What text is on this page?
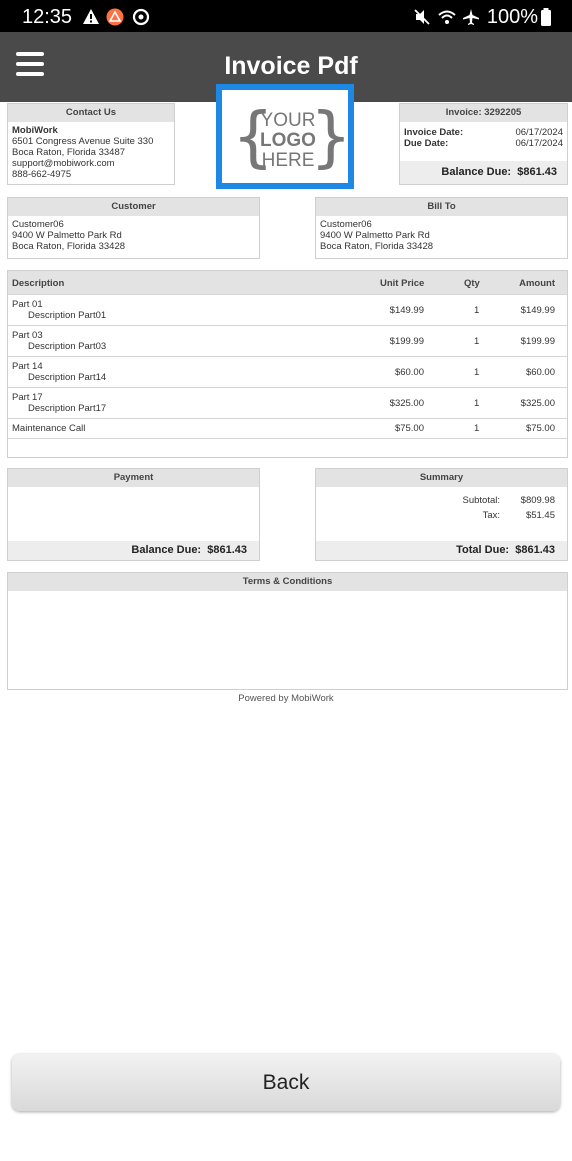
12:35	100%
Invoice Pdf
Contact Us
MobiWork
6501 Congress Avenue Suite 330
Boca Raton, Florida 33487
support@mobiwork.com
888-662-4975	{ }
YOUR
LOGO
HERE
Invoice: 3292205
Invoice Date:	06/17/2024
Due Date:	06/17/2024
Balance Due: $861.43
Customer
Customer06
9400 W Palmetto Park Rd
Boca Raton, Florida 33428
Bill To
Customer06
9400 W Palmetto Park Rd
Boca Raton, Florida 33428
Description	Unit Price	Qty	Amount
Part 01
Description Part01	$149.99	1	$149.99
Part 03
Description Part03	$199.99	1	$199.99
Part 14
Description Part14	$60.00	1	$60.00
Part 17
Description Part17	$325.00	1	$325.00
Maintenance Call	$75.00	1	$75.00
Payment
Balance Due: $861.43
Summary
Subtotal:	$809.98
Tax:	$51.45
Total Due: $861.43
Terms & Conditions
Powered by MobiWork
Back
